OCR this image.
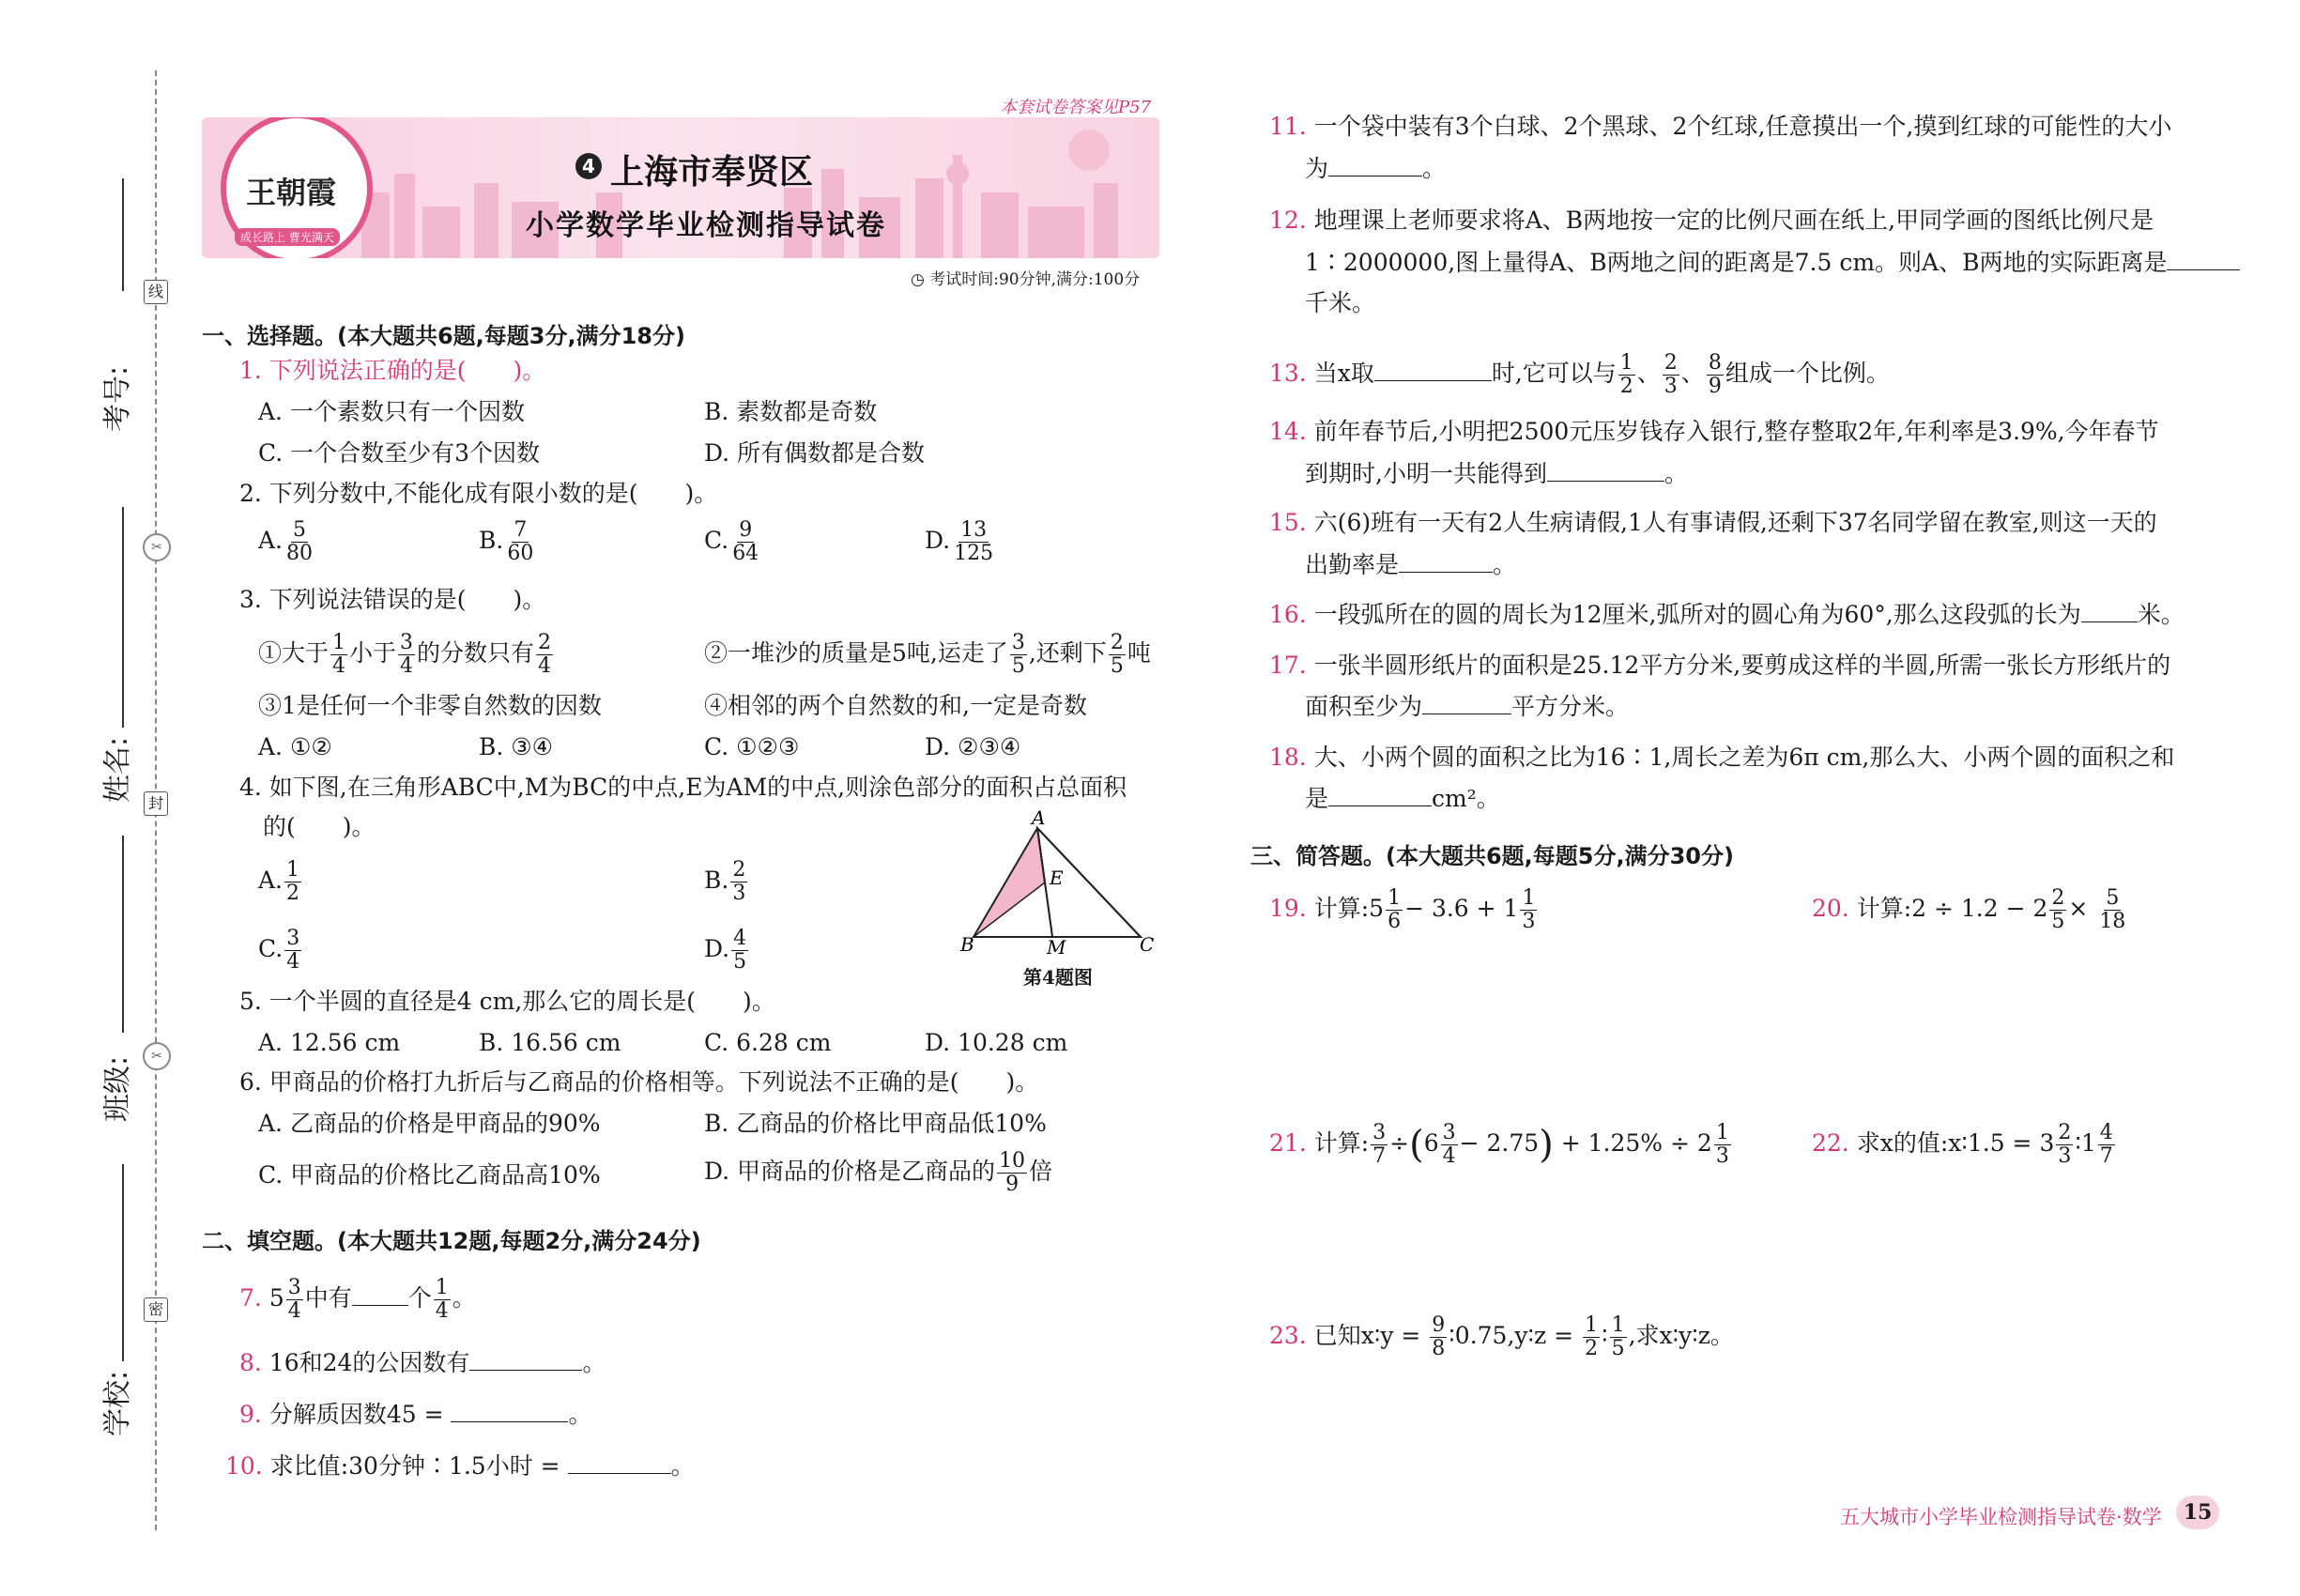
线
✂
封
✂
密
考号:
姓名:
班级:
学校:
本套试卷答案见P57
王朝霞
成长路上 曹光满天
4 上海市奉贤区
小学数学毕业检测指导试卷
◷ 考试时间:90分钟,满分:100分
一、选择题。(本大题共6题,每题3分,满分18分)
1. 下列说法正确的是(　　)。
A. 一个素数只有一个因数	B. 素数都是奇数
C. 一个合数至少有3个因数	D. 所有偶数都是合数
2. 下列分数中,不能化成有限小数的是(　　)。
A. $\frac{5}{80}$	B. $\frac{7}{60}$	C. $\frac{9}{64}$	D. $\frac{13}{125}$
3. 下列说法错误的是(　　)。
①大于 $\frac{1}{4}$ 小于 $\frac{3}{4}$ 的分数只有 $\frac{2}{4}$	②一堆沙的质量是5吨,运走了 $\frac{3}{5}$ ,还剩下 $\frac{2}{5}$ 吨
③1是任何一个非零自然数的因数	④相邻的两个自然数的和,一定是奇数
A. ①②	B. ③④	C. ①②③	D. ②③④
4. 如下图,在三角形ABC中,M为BC的中点,E为AM的中点,则涂色部分的面积占总面积
的(　　)。
A. $\frac{1}{2}$	B. $\frac{2}{3}$
C. $\frac{3}{4}$	D. $\frac{4}{5}$
A
B	C
M
E
第4题图
5. 一个半圆的直径是4 cm,那么它的周长是(　　)。
A. 12.56 cm	B. 16.56 cm	C. 6.28 cm	D. 10.28 cm
6. 甲商品的价格打九折后与乙商品的价格相等。下列说法不正确的是(　　)。
A. 乙商品的价格是甲商品的90%	B. 乙商品的价格比甲商品低10%
C. 甲商品的价格比乙商品高10%	D. 甲商品的价格是乙商品的 $\frac{10}{9}$ 倍
二、填空题。(本大题共12题,每题2分,满分24分)
7. $5 \frac{3}{4}$ 中有 个 $\frac{1}{4}$ 。
8. 16和24的公因数有	。
9. 分解质因数45 =	。
10. 求比值:30分钟∶1.5小时 =	。
11. 一个袋中装有3个白球、2个黑球、2个红球,任意摸出一个,摸到红球的可能性的大小
为	。
12. 地理课上老师要求将A、B两地按一定的比例尺画在纸上,甲同学画的图纸比例尺是
1∶2000000,图上量得A、B两地之间的距离是7.5 cm。则A、B两地的实际距离是
千米。
13. 当x取	时,它可以与 $\frac{1}{2}$ 、 $\frac{2}{3}$ 、 $\frac{8}{9}$ 组成一个比例。
14. 前年春节后,小明把2500元压岁钱存入银行,整存整取2年,年利率是3.9%,今年春节
到期时,小明一共能得到	。
15. 六(6)班有一天有2人生病请假,1人有事请假,还剩下37名同学留在教室,则这一天的
出勤率是	。
16. 一段弧所在的圆的周长为12厘米,弧所对的圆心角为60°,那么这段弧的长为 米。
17. 一张半圆形纸片的面积是25.12平方分米,要剪成这样的半圆,所需一张长方形纸片的
面积至少为	平方分米。
18. 大、小两个圆的面积之比为16∶1,周长之差为6π cm,那么大、小两个圆的面积之和
是	cm²。
三、简答题。(本大题共6题,每题5分,满分30分)
19. 计算:5 $\frac{1}{6} - 3.6 + 1 \frac{1}{3}$	20. 计算:2 ÷ $1.2 - 2 \frac{2}{5} \times \frac{5}{18}$
21. 计算: $\frac{3}{7} \div(6 \frac{3}{4} - 2.75) + 1.25\% \div 2 \frac{1}{3}$	22. 求x的值:x∶1.5 = $3 \frac{2}{3}$ ∶1 $\frac{4}{7}$
23. 已知x∶y = $\frac{9}{8}$ ∶0.75,y∶z = $\frac{1}{2}$ ∶ $\frac{1}{5}$ ,求x∶y∶z。
五大城市小学毕业检测指导试卷·数学	15
